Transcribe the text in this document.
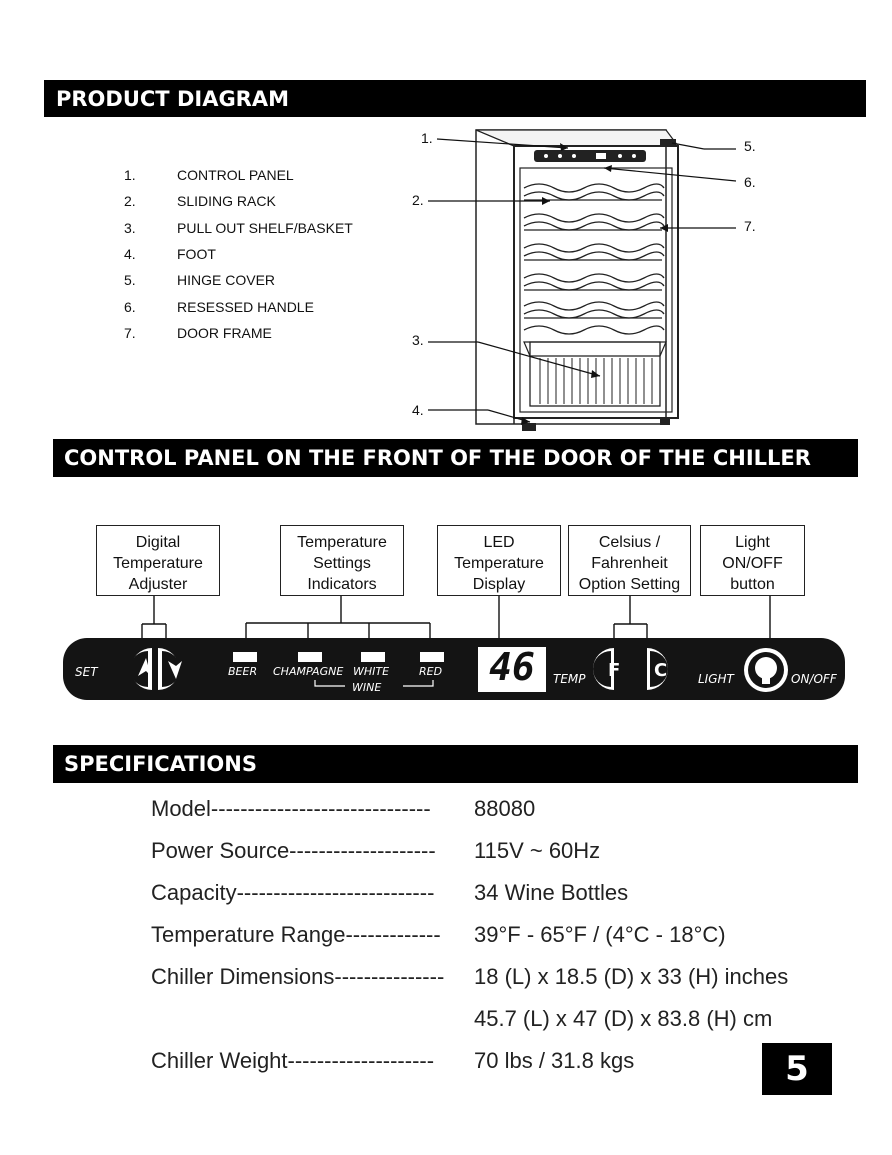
PRODUCT DIAGRAM
1.	CONTROL PANEL
2.	SLIDING RACK
3.	PULL OUT SHELF/BASKET
4.	FOOT
5.	HINGE COVER
6.	RESESSED HANDLE
7.	DOOR FRAME
1.
2.
3.
4.
5.
6.
7.
CONTROL PANEL ON THE FRONT OF THE DOOR OF THE CHILLER
Digital
Temperature
Adjuster
Temperature
Settings
Indicators
LED
Temperature
Display
Celsius /
Fahrenheit
Option Setting
Light
ON/OFF
button
SET	BEER CHAMPAGNE WHITE	RED
WINE	46	TEMP F C	LIGHT	ON/OFF
SPECIFICATIONS
Model------------------------------ 88080
Power Source-------------------- 115V ~ 60Hz
Capacity--------------------------- 34 Wine Bottles
Temperature Range------------- 39°F - 65°F / (4°C - 18°C)
Chiller Dimensions--------------- 18 (L) x 18.5 (D) x 33 (H) inches
45.7 (L) x 47 (D) x 83.8 (H) cm
Chiller Weight-------------------- 70 lbs / 31.8 kgs	5
